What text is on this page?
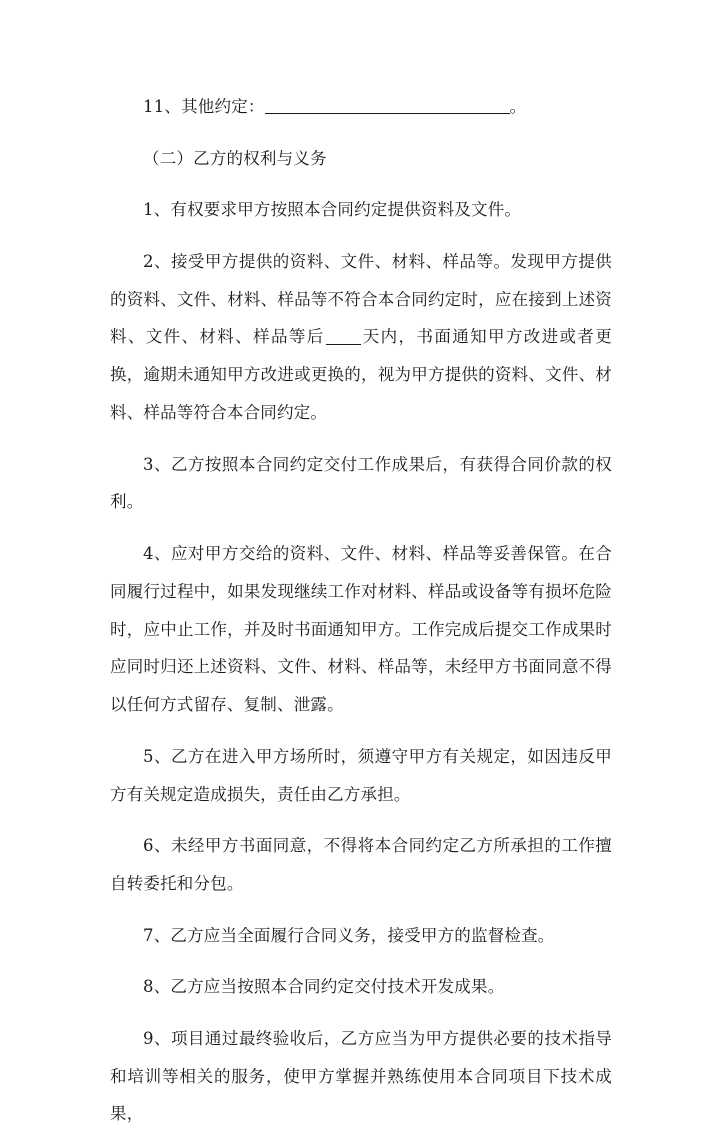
11、其他约定：	。

（二）乙方的权利与义务

1、有权要求甲方按照本合同约定提供资料及文件。

2、接受甲方提供的资料、文件、材料、样品等。发现甲方提供的资料、文件、材料、样品等不符合本合同约定时，应在接到上述资料、文件、材料、样品等后 天内，书面通知甲方改进或者更换，逾期未通知甲方改进或更换的，视为甲方提供的资料、文件、材料、样品等符合本合同约定。

3、乙方按照本合同约定交付工作成果后，有获得合同价款的权利。

4、应对甲方交给的资料、文件、材料、样品等妥善保管。在合同履行过程中，如果发现继续工作对材料、样品或设备等有损坏危险时，应中止工作，并及时书面通知甲方。工作完成后提交工作成果时应同时归还上述资料、文件、材料、样品等，未经甲方书面同意不得以任何方式留存、复制、泄露。

5、乙方在进入甲方场所时，须遵守甲方有关规定，如因违反甲方有关规定造成损失，责任由乙方承担。

6、未经甲方书面同意，不得将本合同约定乙方所承担的工作擅自转委托和分包。

7、乙方应当全面履行合同义务，接受甲方的监督检查。

8、乙方应当按照本合同约定交付技术开发成果。

9、项目通过最终验收后，乙方应当为甲方提供必要的技术指导和培训等相关的服务，使甲方掌握并熟练使用本合同项目下技术成果，
